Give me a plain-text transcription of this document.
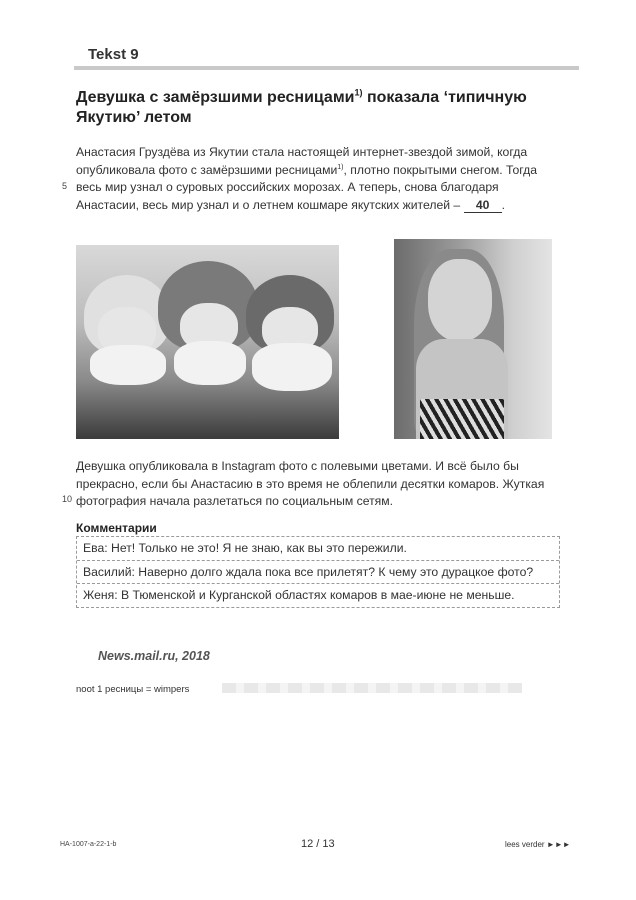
Tekst 9
Девушка с замёрзшими ресницами$^{1)}$ показала ‘типичную Якутию’ летом

Анастасия Груздёва из Якутии стала настоящей интернет-звездой зимой, когда опубликовала фото с замёрзшими ресницами$^{1)}$, плотно покрытыми снегом. Тогда весь мир узнал о суровых российских морозах. А теперь, снова благодаря Анастасии, весь мир узнал и о летнем кошмаре якутских жителей – 40 .

5

Девушка опубликовала в Instagram фото с полевыми цветами. И всё было бы прекрасно, если бы Анастасию в это время не облепили десятки комаров. Жуткая фотография начала разлетаться по социальным сетям.

10
Комментарии
Ева: Нет! Только не это! Я не знаю, как вы это пережили.
Василий: Наверно долго ждала пока все прилетят? К чему это дурацкое фото?
Женя: В Тюменской и Курганской областях комаров в мае-июне не меньше.
News.mail.ru, 2018
noot 1 ресницы = wimpers
HA-1007-a-22-1-b	12 / 13	lees verder ►►►
